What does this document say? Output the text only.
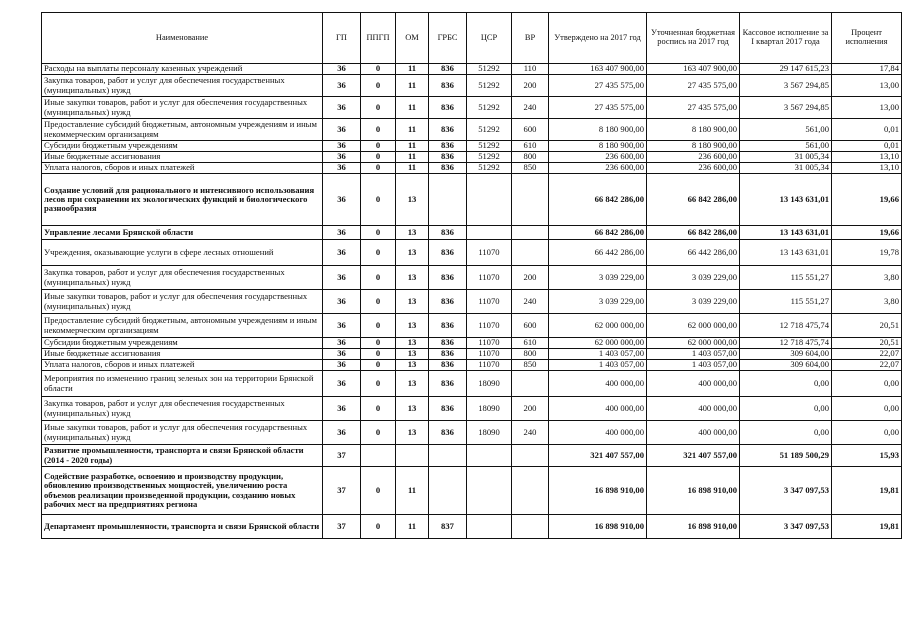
Наименование	ГП	ППГП	ОМ	ГРБС	ЦСР	ВР	Утверждено на 2017 год	Уточненная бюджетная роспись на 2017 год	Кассовое исполнение за I квартал 2017 года	Процент исполнения
Расходы на выплаты персоналу казенных учреждений	36	0	11	836	51292	110	163 407 900,00	163 407 900,00	29 147 615,23	17,84
Закупка товаров, работ и услуг для обеспечения государственных (муниципальных) нужд	36	0	11	836	51292	200	27 435 575,00	27 435 575,00	3 567 294,85	13,00
Иные закупки товаров, работ и услуг для обеспечения государственных (муниципальных) нужд	36	0	11	836	51292	240	27 435 575,00	27 435 575,00	3 567 294,85	13,00
Предоставление субсидий бюджетным, автономным учреждениям и иным некоммерческим организациям	36	0	11	836	51292	600	8 180 900,00	8 180 900,00	561,00	0,01
Субсидии бюджетным учреждениям	36	0	11	836	51292	610	8 180 900,00	8 180 900,00	561,00	0,01
Иные бюджетные ассигнования	36	0	11	836	51292	800	236 600,00	236 600,00	31 005,34	13,10
Уплата налогов, сборов и иных платежей	36	0	11	836	51292	850	236 600,00	236 600,00	31 005,34	13,10
Создание условий для рационального и интенсивного использования лесов при сохранении их экологических функций и биологического разнообразия	36	0	13				66 842 286,00	66 842 286,00	13 143 631,01	19,66
Управление лесами Брянской области	36	0	13	836			66 842 286,00	66 842 286,00	13 143 631,01	19,66
Учреждения, оказывающие услуги в сфере лесных отношений	36	0	13	836	11070		66 442 286,00	66 442 286,00	13 143 631,01	19,78
Закупка товаров, работ и услуг для обеспечения государственных (муниципальных) нужд	36	0	13	836	11070	200	3 039 229,00	3 039 229,00	115 551,27	3,80
Иные закупки товаров, работ и услуг для обеспечения государственных (муниципальных) нужд	36	0	13	836	11070	240	3 039 229,00	3 039 229,00	115 551,27	3,80
Предоставление субсидий бюджетным, автономным учреждениям и иным некоммерческим организациям	36	0	13	836	11070	600	62 000 000,00	62 000 000,00	12 718 475,74	20,51
Субсидии бюджетным учреждениям	36	0	13	836	11070	610	62 000 000,00	62 000 000,00	12 718 475,74	20,51
Иные бюджетные ассигнования	36	0	13	836	11070	800	1 403 057,00	1 403 057,00	309 604,00	22,07
Уплата налогов, сборов и иных платежей	36	0	13	836	11070	850	1 403 057,00	1 403 057,00	309 604,00	22,07
Мероприятия по изменению границ зеленых зон на территории Брянской области	36	0	13	836	18090		400 000,00	400 000,00	0,00	0,00
Закупка товаров, работ и услуг для обеспечения государственных (муниципальных) нужд	36	0	13	836	18090	200	400 000,00	400 000,00	0,00	0,00
Иные закупки товаров, работ и услуг для обеспечения государственных (муниципальных) нужд	36	0	13	836	18090	240	400 000,00	400 000,00	0,00	0,00
Развитие промышленности, транспорта и связи Брянской области (2014 - 2020 годы)	37						321 407 557,00	321 407 557,00	51 189 500,29	15,93
Содействие разработке, освоению и производству продукции, обновлению производственных мощностей, увеличению роста объемов реализации произведенной продукции, созданию новых рабочих мест на предприятиях региона	37	0	11				16 898 910,00	16 898 910,00	3 347 097,53	19,81
Департамент промышленности, транспорта и связи Брянской области	37	0	11	837			16 898 910,00	16 898 910,00	3 347 097,53	19,81
